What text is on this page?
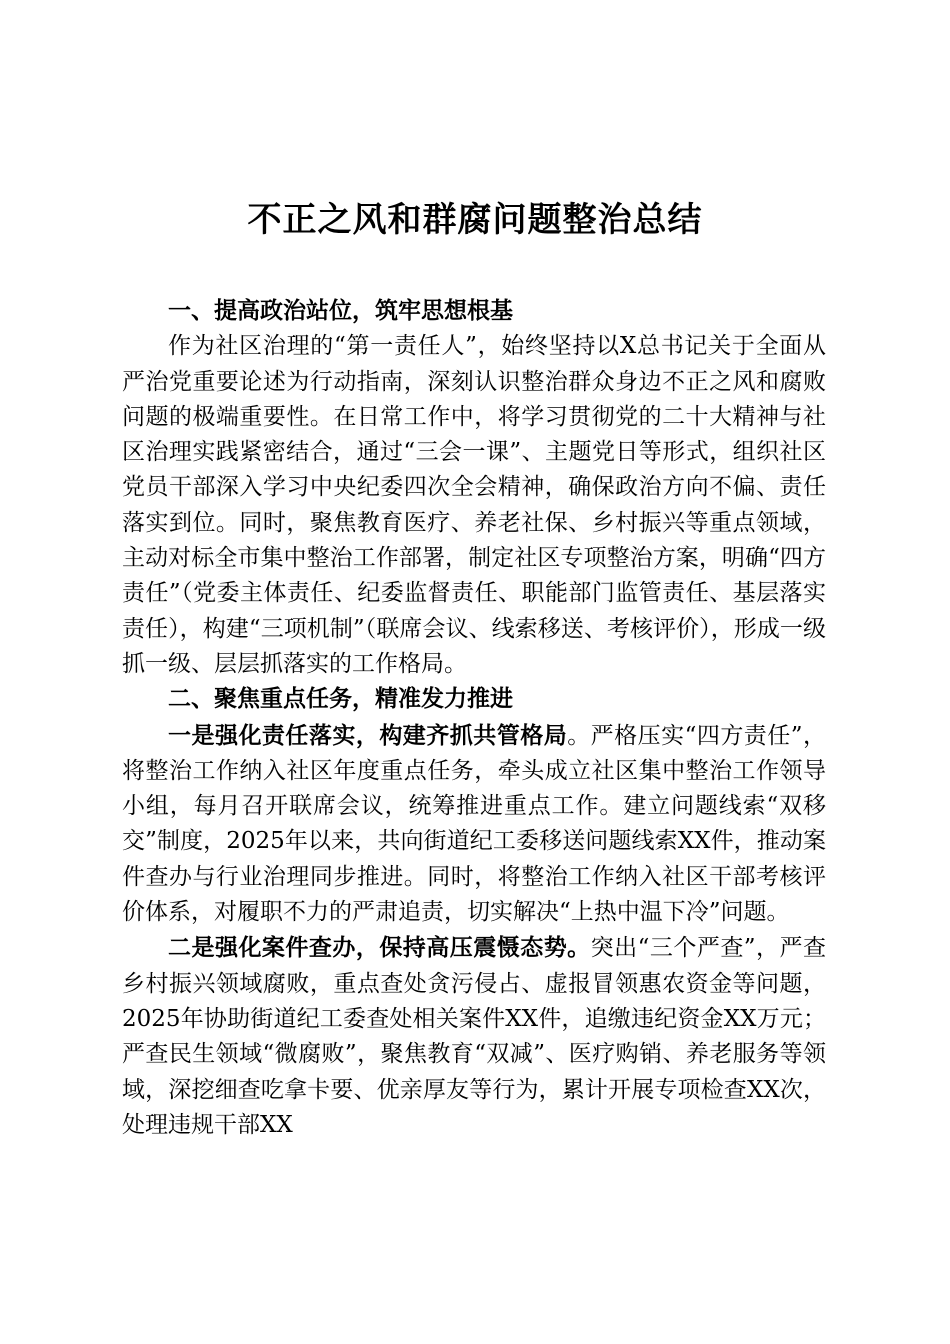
不正之风和群腐问题整治总结

一、提高政治站位，筑牢思想根基

作为社区治理的“第一责任人”，始终坚持以X总书记关于全面从严治党重要论述为行动指南，深刻认识整治群众身边不正之风和腐败问题的极端重要性。在日常工作中，将学习贯彻党的二十大精神与社区治理实践紧密结合，通过“三会一课”、主题党日等形式，组织社区党员干部深入学习中央纪委四次全会精神，确保政治方向不偏、责任落实到位。同时，聚焦教育医疗、养老社保、乡村振兴等重点领域，主动对标全市集中整治工作部署，制定社区专项整治方案，明确“四方责任”（党委主体责任、纪委监督责任、职能部门监管责任、基层落实责任），构建“三项机制”（联席会议、线索移送、考核评价），形成一级抓一级、层层抓落实的工作格局。

二、聚焦重点任务，精准发力推进

一是强化责任落实，构建齐抓共管格局。严格压实“四方责任”，将整治工作纳入社区年度重点任务，牵头成立社区集中整治工作领导小组，每月召开联席会议，统筹推进重点工作。建立问题线索“双移交”制度，2025年以来，共向街道纪工委移送问题线索XX件，推动案件查办与行业治理同步推进。同时，将整治工作纳入社区干部考核评价体系，对履职不力的严肃追责，切实解决“上热中温下冷”问题。

二是强化案件查办，保持高压震慑态势。突出“三个严查”，严查乡村振兴领域腐败，重点查处贪污侵占、虚报冒领惠农资金等问题，2025年协助街道纪工委查处相关案件XX件，追缴违纪资金XX万元；严查民生领域“微腐败”，聚焦教育“双减”、医疗购销、养老服务等领域，深挖细查吃拿卡要、优亲厚友等行为，累计开展专项检查XX次，处理违规干部XX
